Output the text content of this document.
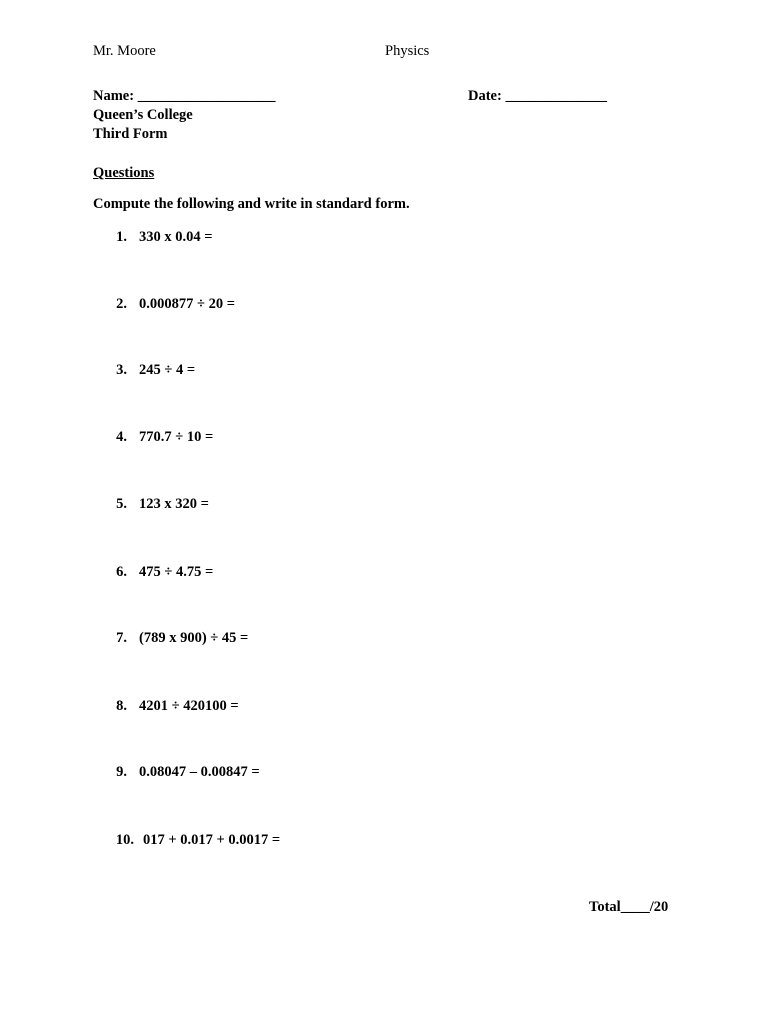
Mr. Moore	Physics
Name: ___________________	Date: ______________
Queen’s College
Third Form
Questions
Compute the following and write in standard form.
1. 330 x 0.04 =
2. 0.000877 ÷ 20 =
3. 245 ÷ 4 =
4. 770.7 ÷ 10 =
5. 123 x 320 =
6. 475 ÷ 4.75 =
7. (789 x 900) ÷ 45 =
8. 4201 ÷ 420100 =
9. 0.08047 – 0.00847 =
10. 017 + 0.017 + 0.0017 =
Total____/20
